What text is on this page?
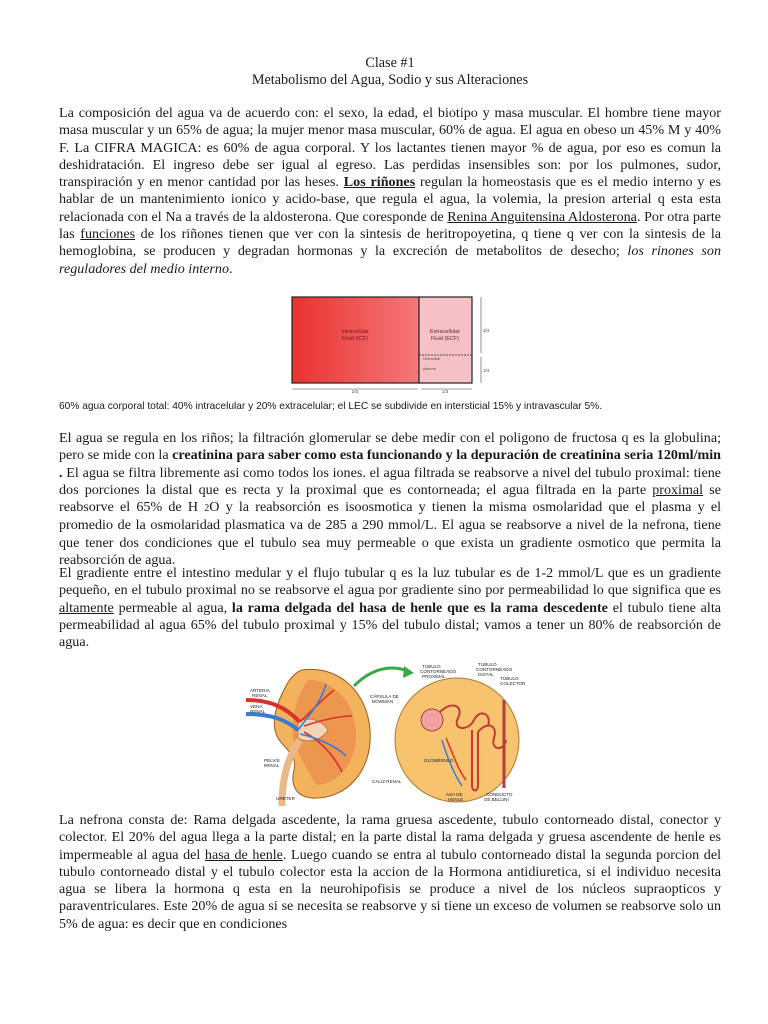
Clase #1
Metabolismo del Agua, Sodio y sus Alteraciones

La composición del agua va de acuerdo con: el sexo, la edad, el biotipo y masa muscular. El hombre tiene mayor masa muscular y un 65% de agua; la mujer menor masa muscular, 60% de agua. El agua en obeso un 45% M y 40% F. La CIFRA MAGICA: es 60% de agua corporal. Y los lactantes tienen mayor % de agua, por eso es comun la deshidratación. El ingreso debe ser igual al egreso. Las perdidas insensibles son: por los pulmones, sudor, transpiración y en menor cantidad por las heses. Los riñones regulan la homeostasis que es el medio interno y es hablar de un mantenimiento ionico y acido-base, que regula el agua, la volemia, la presion arterial q esta esta relacionada con el Na a través de la aldosterona. Que coresponde de Renina Anguitensina Aldosterona. Por otra parte las funciones de los riñones tienen que ver con la sintesis de heritropoyetina, q tiene q ver con la sintesis de la hemoglobina, se producen y degradan hormonas y la excreción de metabolitos de desecho; los rinones son reguladores del medio interno.

Intracelular
Fluid (ICF)
Extracellular
Fluid (ECF)
Interstitial
plasma
2/3	1/3
3/4
1/4
60% agua corporal total: 40% intracelular y 20% extracelular; el LEC se subdivide en intersticial 15% y intravascular 5%.

El agua se regula en los riños; la filtración glomerular se debe medir con el poligono de fructosa q es la globulina; pero se mide con la creatinina para saber como esta funcionando y la depuración de creatinina seria 120ml/min . El agua se filtra libremente asi como todos los iones. el agua filtrada se reabsorve a nivel del tubulo proximal: tiene dos porciones la distal que es recta y la proximal que es contorneada; el agua filtrada en la parte proximal se reabsorve el 65% de H 2O y la reabsorción es isoosmotica y tienen la misma osmolaridad que el plasma y el promedio de la osmolaridad plasmatica va de 285 a 290 mmol/L. El agua se reabsorve a nivel de la nefrona, tiene que tener dos condiciones que el tubulo sea muy permeable o que exista un gradiente osmotico que permita la reabsorción de agua.

El gradiente entre el intestino medular y el flujo tubular q es la luz tubular es de 1-2 mmol/L que es un gradiente pequeño, en el tubulo proximal no se reabsorve el agua por gradiente sino por permeabilidad lo que significa que es altamente permeable al agua, la rama delgada del hasa de henle que es la rama descedente el tubulo tiene alta permeabilidad al agua 65% del tubulo proximal y 15% del tubulo distal; vamos a tener un 80% de reabsorción de agua.

ARTERIA
RENAL
VENA
RENAL
PELVIS
RENAL
URETER
CALIZ RENAL
CÁPSULA DE
BOWMAN
TÚBULO
CONTORNEADO
PROXIMAL
TÚBULO
CONTORNEADO
DISTAL
TÚBULO
COLECTOR
GLOMÉRULO
ASA DE
HENLE
CONDUCTO
DE BELLINI

La nefrona consta de: Rama delgada ascedente, la rama gruesa ascedente, tubulo contorneado distal, conector y colector. El 20% del agua llega a la parte distal; en la parte distal la rama delgada y gruesa ascendente de henle es impermeable al agua del hasa de henle. Luego cuando se entra al tubulo contorneado distal la segunda porcion del tubulo contorneado distal y el tubulo colector esta la accion de la Hormona antidiuretica, si el individuo necesita agua se libera la hormona q esta en la neurohipofisis se produce a nivel de los núcleos supraopticos y paraventriculares. Este 20% de agua si se necesita se reabsorve y si tiene un exceso de volumen se reabsorve solo un 5% de agua: es decir que en condiciones
